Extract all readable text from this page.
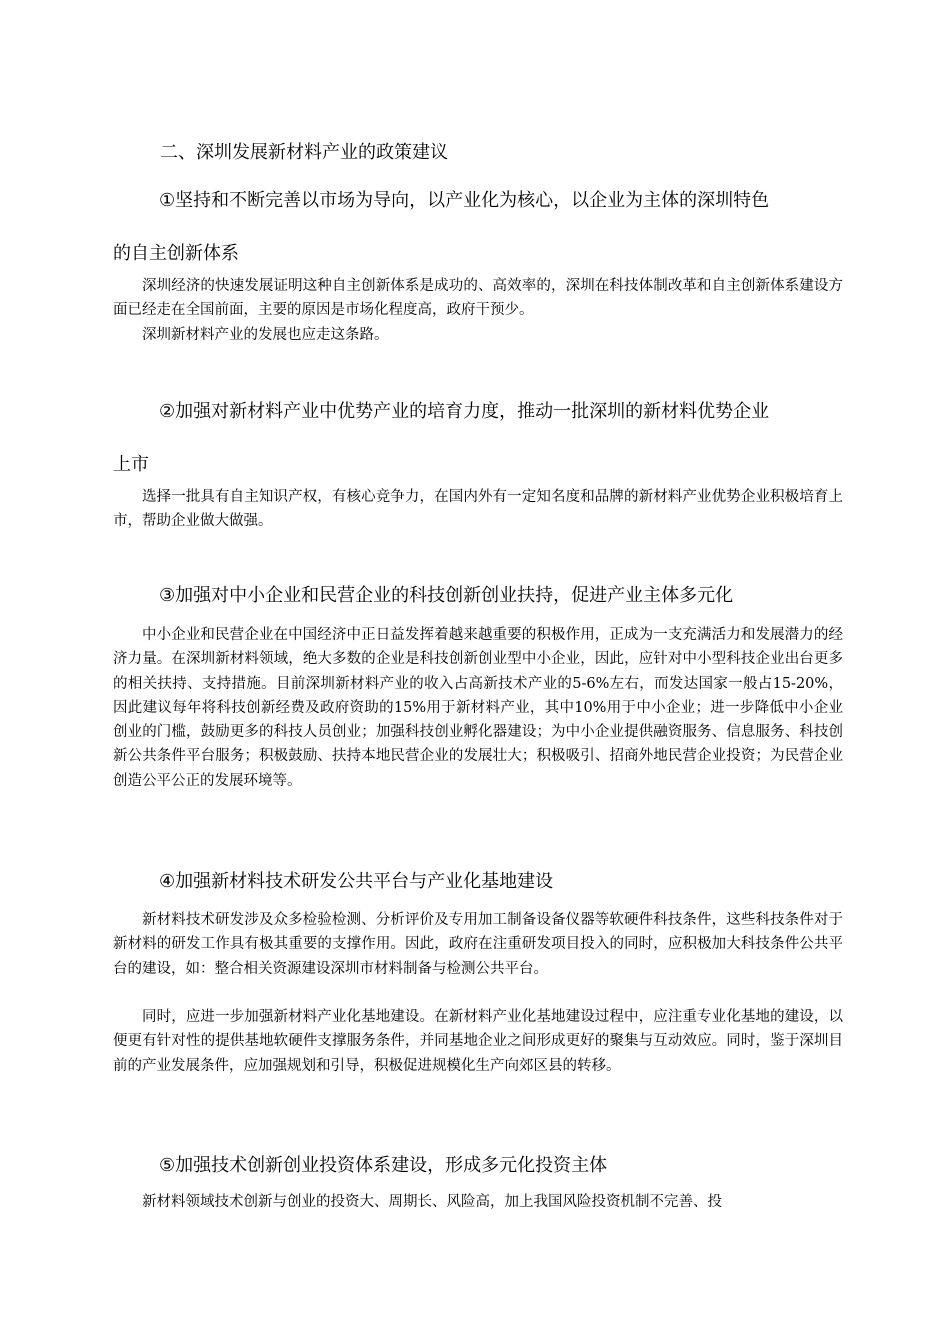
二、深圳发展新材料产业的政策建议
①坚持和不断完善以市场为导向，以产业化为核心，以企业为主体的深圳特色
的自主创新体系

深圳经济的快速发展证明这种自主创新体系是成功的、高效率的，深圳在科技体制改革和自主创新体系建设方面已经走在全国前面，主要的原因是市场化程度高，政府干预少。

深圳新材料产业的发展也应走这条路。

②加强对新材料产业中优势产业的培育力度，推动一批深圳的新材料优势企业
上市

选择一批具有自主知识产权，有核心竞争力，在国内外有一定知名度和品牌的新材料产业优势企业积极培育上市，帮助企业做大做强。

③加强对中小企业和民营企业的科技创新创业扶持，促进产业主体多元化

中小企业和民营企业在中国经济中正日益发挥着越来越重要的积极作用，正成为一支充满活力和发展潜力的经济力量。在深圳新材料领域，绝大多数的企业是科技创新创业型中小企业，因此，应针对中小型科技企业出台更多的相关扶持、支持措施。目前深圳新材料产业的收入占高新技术产业的5-6%左右，而发达国家一般占15-20%，因此建议每年将科技创新经费及政府资助的15%用于新材料产业，其中10%用于中小企业；进一步降低中小企业创业的门槛，鼓励更多的科技人员创业；加强科技创业孵化器建设；为中小企业提供融资服务、信息服务、科技创新公共条件平台服务；积极鼓励、扶持本地民营企业的发展壮大；积极吸引、招商外地民营企业投资；为民营企业创造公平公正的发展环境等。

④加强新材料技术研发公共平台与产业化基地建设

新材料技术研发涉及众多检验检测、分析评价及专用加工制备设备仪器等软硬件科技条件，这些科技条件对于新材料的研发工作具有极其重要的支撑作用。因此，政府在注重研发项目投入的同时，应积极加大科技条件公共平台的建设，如：整合相关资源建设深圳市材料制备与检测公共平台。

同时，应进一步加强新材料产业化基地建设。在新材料产业化基地建设过程中，应注重专业化基地的建设，以便更有针对性的提供基地软硬件支撑服务条件，并同基地企业之间形成更好的聚集与互动效应。同时，鉴于深圳目前的产业发展条件，应加强规划和引导，积极促进规模化生产向郊区县的转移。

⑤加强技术创新创业投资体系建设，形成多元化投资主体

新材料领域技术创新与创业的投资大、周期长、风险高，加上我国风险投资机制不完善、投
